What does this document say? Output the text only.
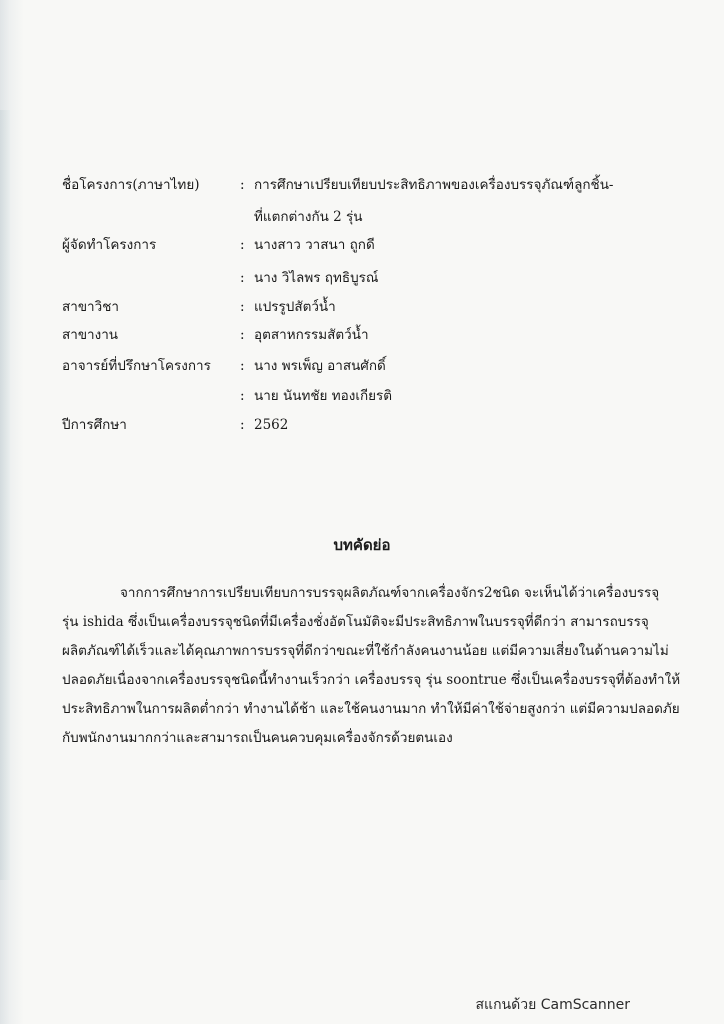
ชื่อโครงการ(ภาษาไทย)	: การศึกษาเปรียบเทียบประสิทธิภาพของเครื่องบรรจุภัณฑ์ลูกชิ้น-
ที่แตกต่างกัน 2 รุ่น
ผู้จัดทำโครงการ	: นางสาว วาสนา ถูกดี
: นาง วิไลพร ฤทธิบูรณ์
สาขาวิชา	: แปรรูปสัตว์น้ำ
สาขางาน	: อุตสาหกรรมสัตว์น้ำ
อาจารย์ที่ปรึกษาโครงการ : นาง พรเพ็ญ อาสนศักดิ์
: นาย นันทชัย ทองเกียรติ
ปีการศึกษา	: 2562
บทคัดย่อ
จากการศึกษาการเปรียบเทียบการบรรจุผลิตภัณฑ์จากเครื่องจักร2ชนิด จะเห็นได้ว่าเครื่องบรรจุ
รุ่น ishida ซึ่งเป็นเครื่องบรรจุชนิดที่มีเครื่องชั่งอัตโนมัติจะมีประสิทธิภาพในบรรจุที่ดีกว่า สามารถบรรจุ
ผลิตภัณฑ์ได้เร็วและได้คุณภาพการบรรจุที่ดีกว่าขณะที่ใช้กำลังคนงานน้อย แต่มีความเสี่ยงในด้านความไม่
ปลอดภัยเนื่องจากเครื่องบรรจุชนิดนี้ทำงานเร็วกว่า เครื่องบรรจุ รุ่น soontrue ซึ่งเป็นเครื่องบรรจุที่ต้องทำให้
ประสิทธิภาพในการผลิตต่ำกว่า ทำงานได้ช้า และใช้คนงานมาก ทำให้มีค่าใช้จ่ายสูงกว่า แต่มีความปลอดภัย
กับพนักงานมากกว่าและสามารถเป็นคนควบคุมเครื่องจักรด้วยตนเอง
สแกนด้วย CamScanner
